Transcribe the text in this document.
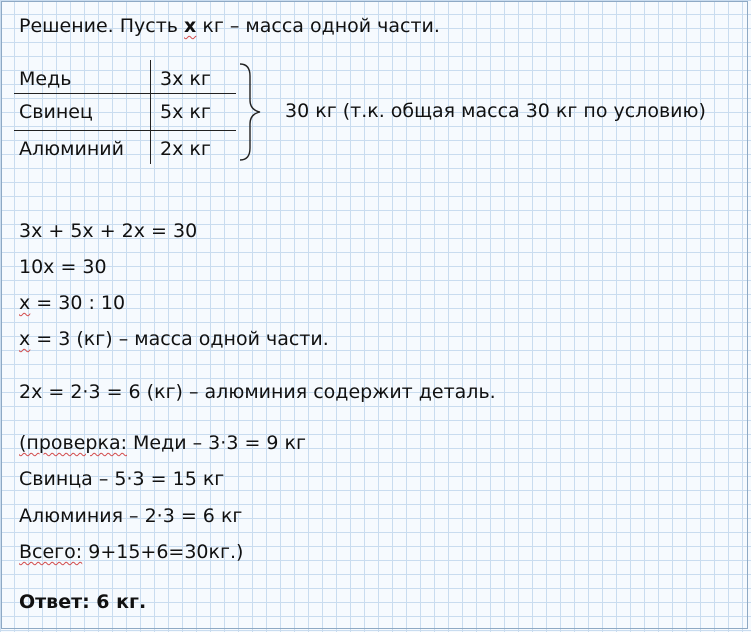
Решение. Пусть x кг – масса одной части.
Медь	3x кг
Свинец	5x кг
Алюминий 2x кг
30 кг (т.к. общая масса 30 кг по условию)
3x + 5x + 2x = 30
10x = 30
x = 30 : 10
x = 3 (кг) – масса одной части.
2x = 2·3 = 6 (кг) – алюминия содержит деталь.
(проверка: Меди – 3·3 = 9 кг
Свинца – 5·3 = 15 кг
Алюминия – 2·3 = 6 кг
Всего: 9+15+6=30кг.)
Ответ: 6 кг.
